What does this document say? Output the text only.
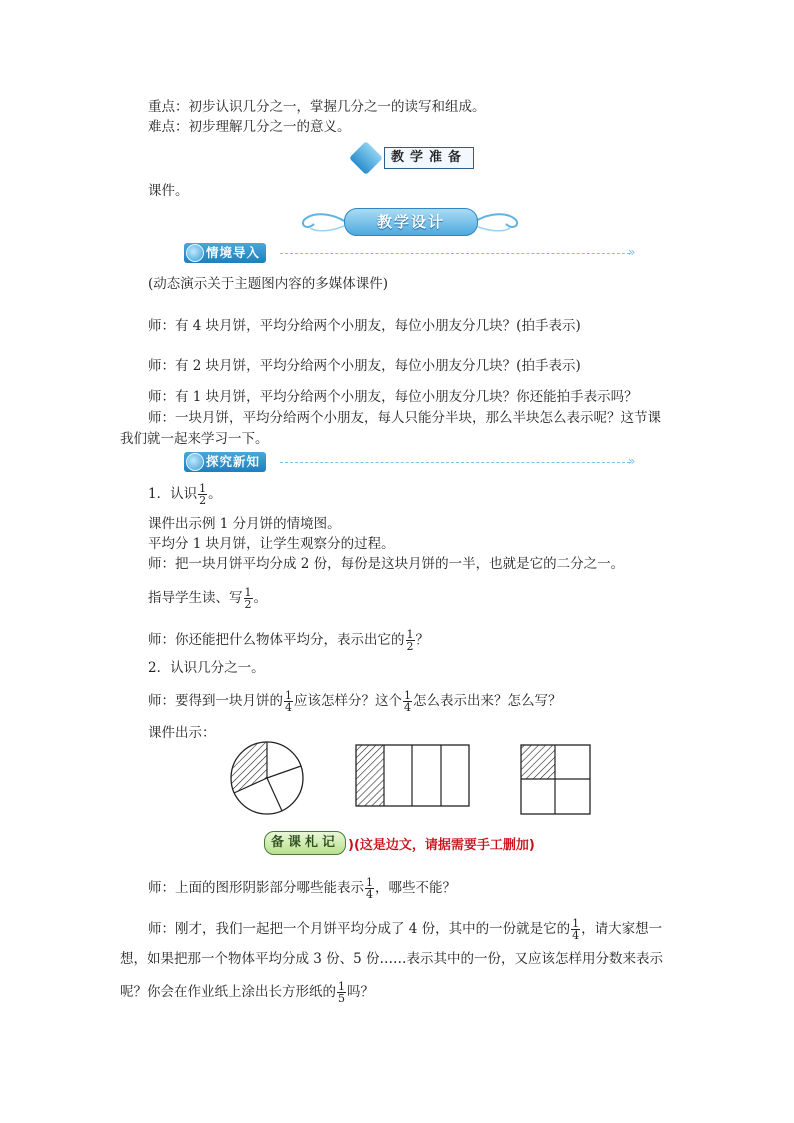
重点：初步认识几分之一，掌握几分之一的读写和组成。
难点：初步理解几分之一的意义。
教学准备
课件。
教学设计
情境导入	»
(动态演示关于主题图内容的多媒体课件)
师：有 4 块月饼，平均分给两个小朋友，每位小朋友分几块？(拍手表示)
师：有 2 块月饼，平均分给两个小朋友，每位小朋友分几块？(拍手表示)
师：有 1 块月饼，平均分给两个小朋友，每位小朋友分几块？你还能拍手表示吗？
师：一块月饼，平均分给两个小朋友，每人只能分半块，那么半块怎么表示呢？这节课
我们就一起来学习一下。
探究新知	»
1．认识 $\frac{1}{2}$ 。
课件出示例 1 分月饼的情境图。
平均分 1 块月饼，让学生观察分的过程。
师：把一块月饼平均分成 2 份，每份是这块月饼的一半，也就是它的二分之一。
指导学生读、写 $\frac{1}{2}$ 。
师：你还能把什么物体平均分，表示出它的 $\frac{1}{2}$ ？
2．认识几分之一。
师：要得到一块月饼的 $\frac{1}{4}$ 应该怎样分？这个 $\frac{1}{4}$ 怎么表示出来？怎么写？
课件出示：
备课札记 )(这是边文，请据需要手工删加)
师：上面的图形阴影部分哪些能表示 $\frac{1}{4}$ ，哪些不能？
师：刚才，我们一起把一个月饼平均分成了 4 份，其中的一份就是它的 $\frac{1}{4}$ ，请大家想一
想，如果把那一个物体平均分成 3 份、5 份……表示其中的一份，又应该怎样用分数来表示
呢？你会在作业纸上涂出长方形纸的 $\frac{1}{5}$ 吗？
